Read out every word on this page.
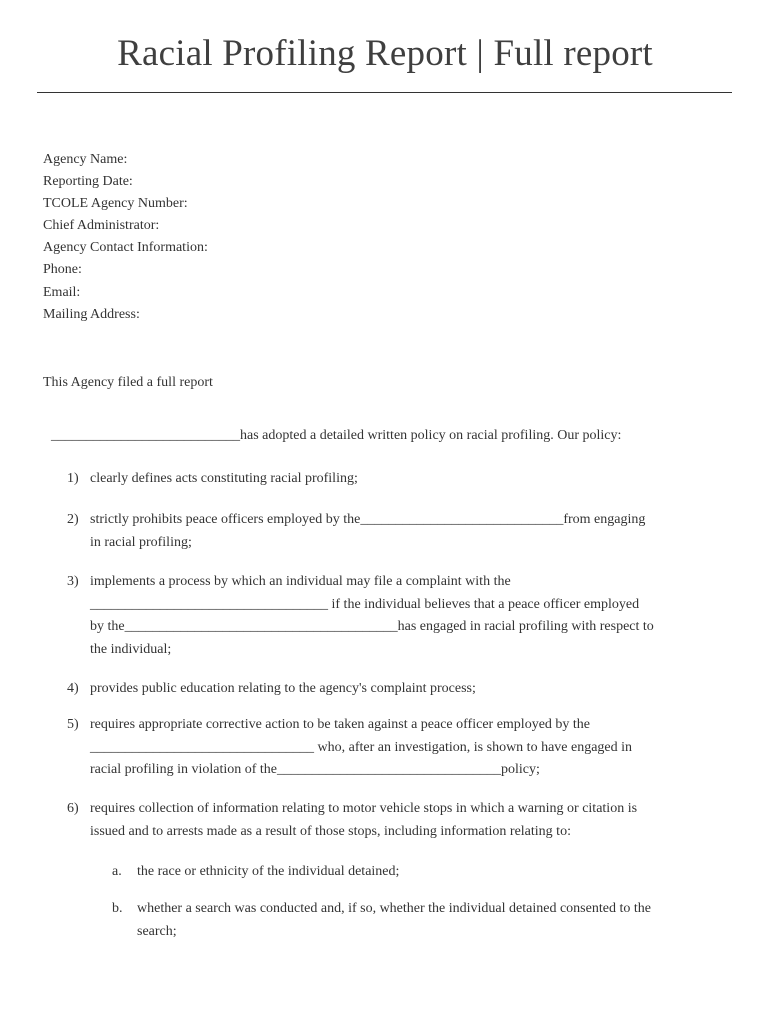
Racial Profiling Report | Full report
Agency Name:
Reporting Date:
TCOLE Agency Number:
Chief Administrator:
Agency Contact Information:
Phone:
Email:
Mailing Address:
This Agency filed a full report
___________________________has adopted a detailed written policy on racial profiling. Our policy:
1) clearly defines acts constituting racial profiling;
2) strictly prohibits peace officers employed by the_____________________________from engaging
in racial profiling;
3) implements a process by which an individual may file a complaint with the
__________________________________ if the individual believes that a peace officer employed
by the_______________________________________has engaged in racial profiling with respect to
the individual;
4) provides public education relating to the agency's complaint process;
5) requires appropriate corrective action to be taken against a peace officer employed by the
________________________________ who, after an investigation, is shown to have engaged in
racial profiling in violation of the________________________________policy;
6) requires collection of information relating to motor vehicle stops in which a warning or citation is
issued and to arrests made as a result of those stops, including information relating to:
a. the race or ethnicity of the individual detained;
b. whether a search was conducted and, if so, whether the individual detained consented to the
search;
